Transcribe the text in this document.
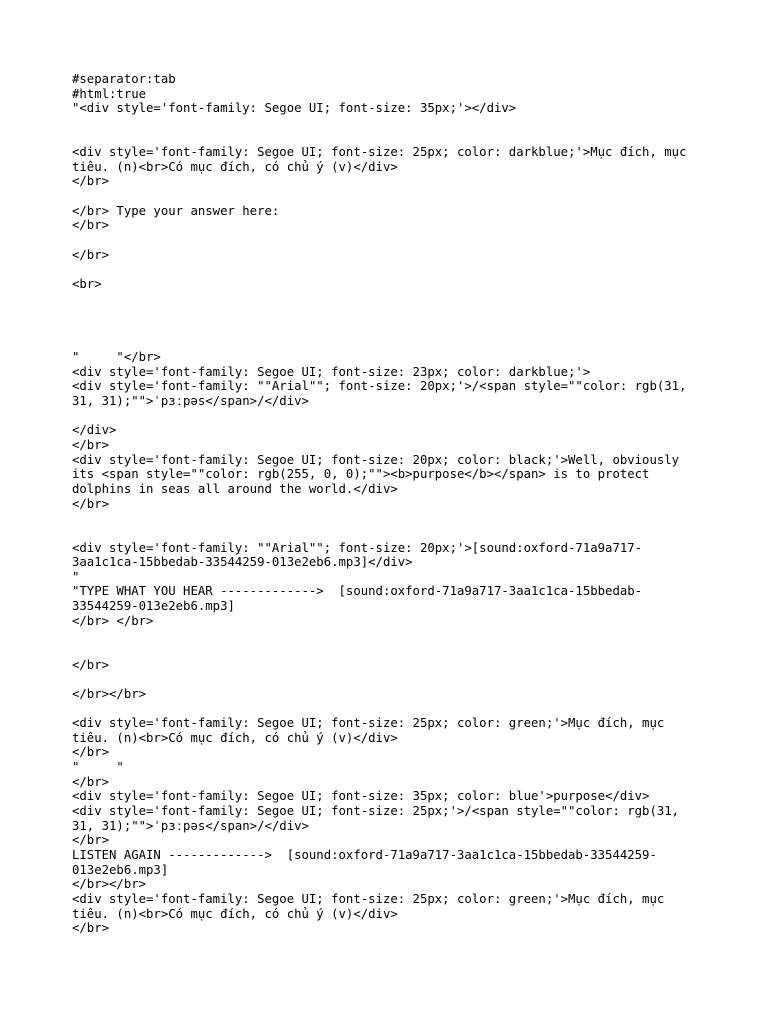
#separator:tab
#html:true
"<div style='font-family: Segoe UI; font-size: 35px;'></div>
<div style='font-family: Segoe UI; font-size: 25px; color: darkblue;'>Mục đích, mục
tiêu. (n)<br>Có mục đích, có chủ ý (v)</div>
</br>
</br> Type your answer here:
</br>
</br>
<br>
"     "</br>
<div style='font-family: Segoe UI; font-size: 23px; color: darkblue;'>
<div style='font-family: ""Arial""; font-size: 20px;'>/<span style=""color: rgb(31,
31, 31);"">ˈpɜːpəs</span>/</div>
</div>
</br>
<div style='font-family: Segoe UI; font-size: 20px; color: black;'>Well, obviously
its <span style=""color: rgb(255, 0, 0);""><b>purpose</b></span> is to protect
dolphins in seas all around the world.</div>
</br>
<div style='font-family: ""Arial""; font-size: 20px;'>[sound:oxford-71a9a717-
3aa1c1ca-15bbedab-33544259-013e2eb6.mp3]</div>
"
"TYPE WHAT YOU HEAR ------------->  [sound:oxford-71a9a717-3aa1c1ca-15bbedab-
33544259-013e2eb6.mp3]
</br> </br>
</br>
</br></br>
<div style='font-family: Segoe UI; font-size: 25px; color: green;'>Mục đích, mục
tiêu. (n)<br>Có mục đích, có chủ ý (v)</div>
</br>
"     "
</br>
<div style='font-family: Segoe UI; font-size: 35px; color: blue'>purpose</div>
<div style='font-family: Segoe UI; font-size: 25px;'>/<span style=""color: rgb(31,
31, 31);"">ˈpɜːpəs</span>/</div>
</br>
LISTEN AGAIN ------------->  [sound:oxford-71a9a717-3aa1c1ca-15bbedab-33544259-
013e2eb6.mp3]
</br></br>
<div style='font-family: Segoe UI; font-size: 25px; color: green;'>Mục đích, mục
tiêu. (n)<br>Có mục đích, có chủ ý (v)</div>
</br>
